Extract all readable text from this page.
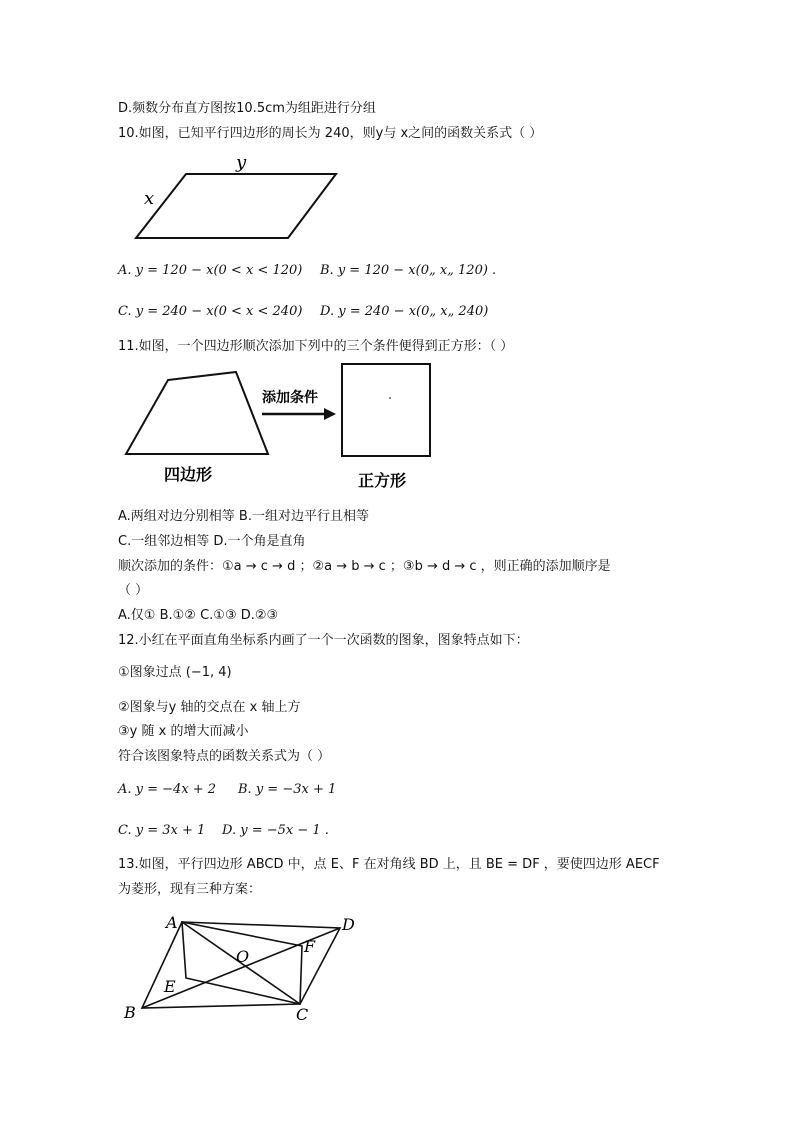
D.频数分布直方图按10.5cm为组距进行分组
10.如图，已知平行四边形的周长为 240，则y与 x之间的函数关系式（ ）
y
x
A. y = 120 − x(0 < x < 120) B. y = 120 − x(0„ x„ 120) .
C. y = 240 − x(0 < x < 240) D. y = 240 − x(0„ x„ 240)
11.如图，一个四边形顺次添加下列中的三个条件便得到正方形：（ ）
添加条件
四边形	正方形
A.两组对边分别相等 B.一组对边平行且相等
C.一组邻边相等 D.一个角是直角
顺次添加的条件：①a → c → d ；②a → b → c ；③b → d → c ，则正确的添加顺序是
（ ）
A.仅① B.①② C.①③ D.②③
12.小红在平面直角坐标系内画了一个一次函数的图象，图象特点如下：
①图象过点 (−1, 4)
②图象与y 轴的交点在 x 轴上方
③y 随 x 的增大而减小
符合该图象特点的函数关系式为（ ）
A. y = −4x + 2 B. y = −3x + 1
C. y = 3x + 1 D. y = −5x − 1 .
13.如图，平行四边形 ABCD 中，点 E、F 在对角线 BD 上，且 BE = DF ，要使四边形 AECF
为菱形，现有三种方案：
A	D
B	C
E
F
O
